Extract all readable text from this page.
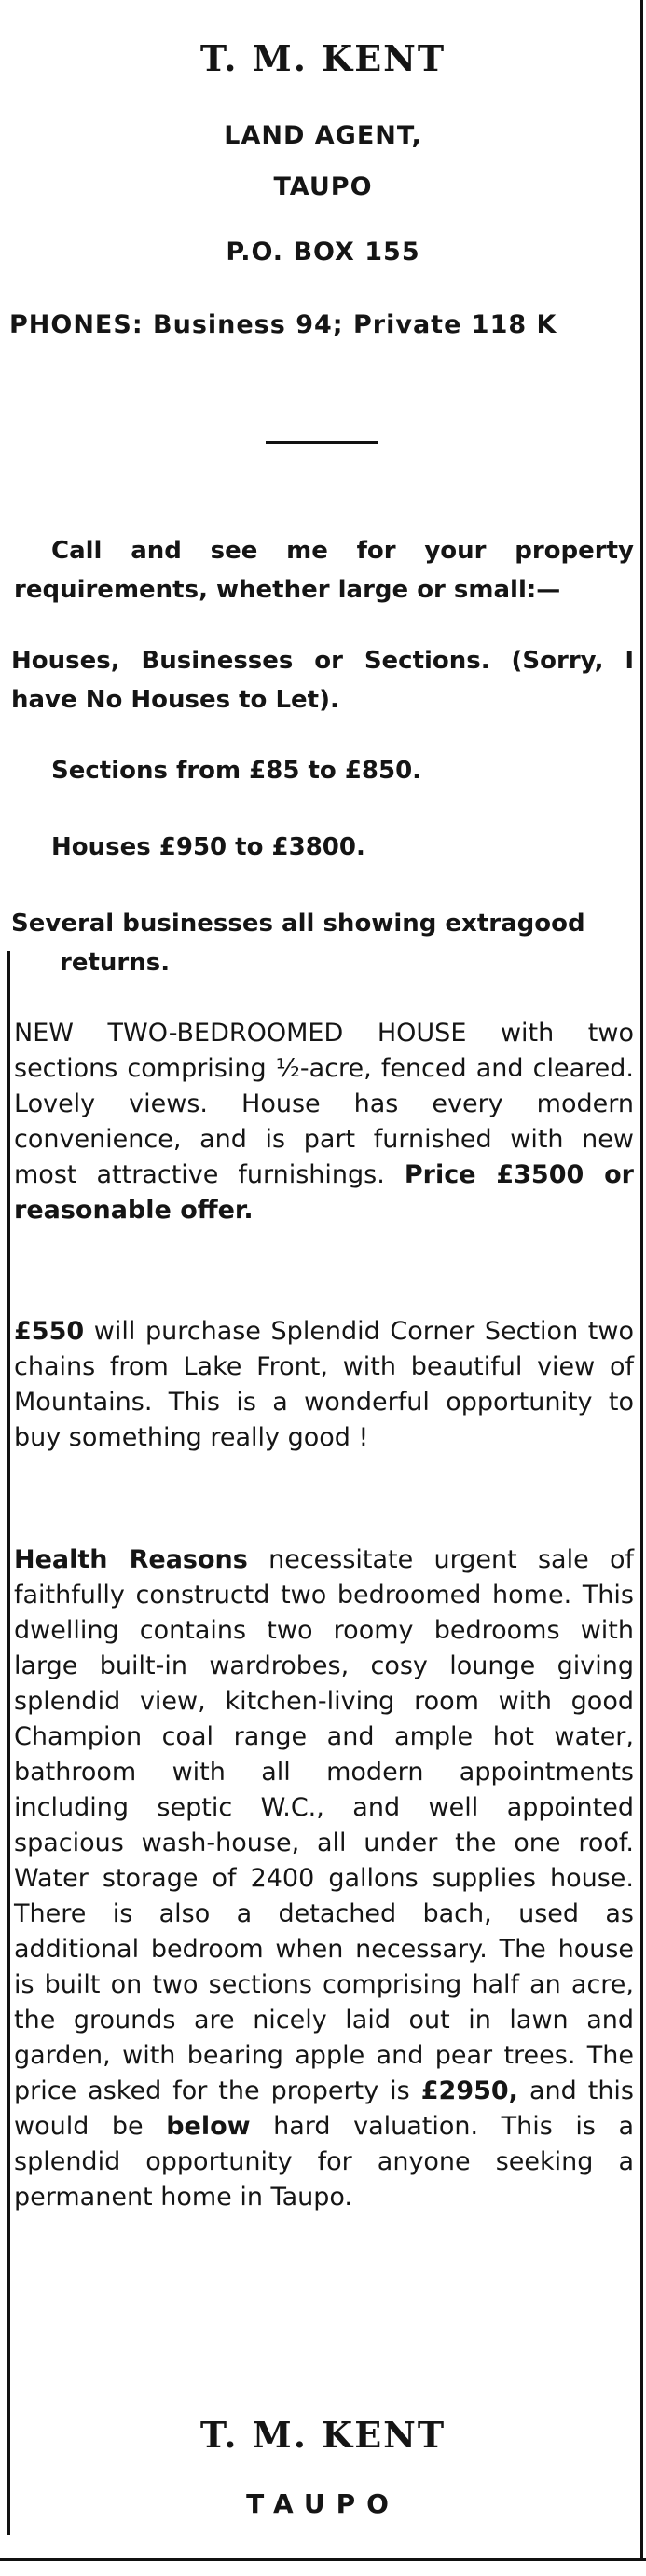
T. M. KENT
LAND AGENT,
TAUPO
P.O. BOX 155
PHONES: Business 94; Private 118 K
Call and see me for your property requirements, whether large or small:—
Houses, Businesses or Sections. (Sorry, I have No Houses to Let).
Sections from £85 to £850.
Houses £950 to £3800.
Several businesses all showing extragood returns.
NEW TWO-BEDROOMED HOUSE with two sections comprising ½-acre, fenced and cleared. Lovely views. House has every modern convenience, and is part furnished with new most attractive furnishings. Price £3500 or reasonable offer.
£550 will purchase Splendid Corner Section two chains from Lake Front, with beautiful view of Mountains. This is a wonderful opportunity to buy something really good !
Health Reasons necessitate urgent sale of faithfully constructd two bedroomed home. This dwelling contains two roomy bedrooms with large built-in wardrobes, cosy lounge giving splendid view, kitchen-living room with good Champion coal range and ample hot water, bathroom with all modern appointments including septic W.C., and well appointed spacious wash-house, all under the one roof. Water storage of 2400 gallons supplies house. There is also a detached bach, used as additional bedroom when necessary. The house is built on two sections comprising half an acre, the grounds are nicely laid out in lawn and garden, with bearing apple and pear trees. The price asked for the property is £2950, and this would be below hard valuation. This is a splendid opportunity for anyone seeking a permanent home in Taupo.
T. M. KENT
TAUPO
